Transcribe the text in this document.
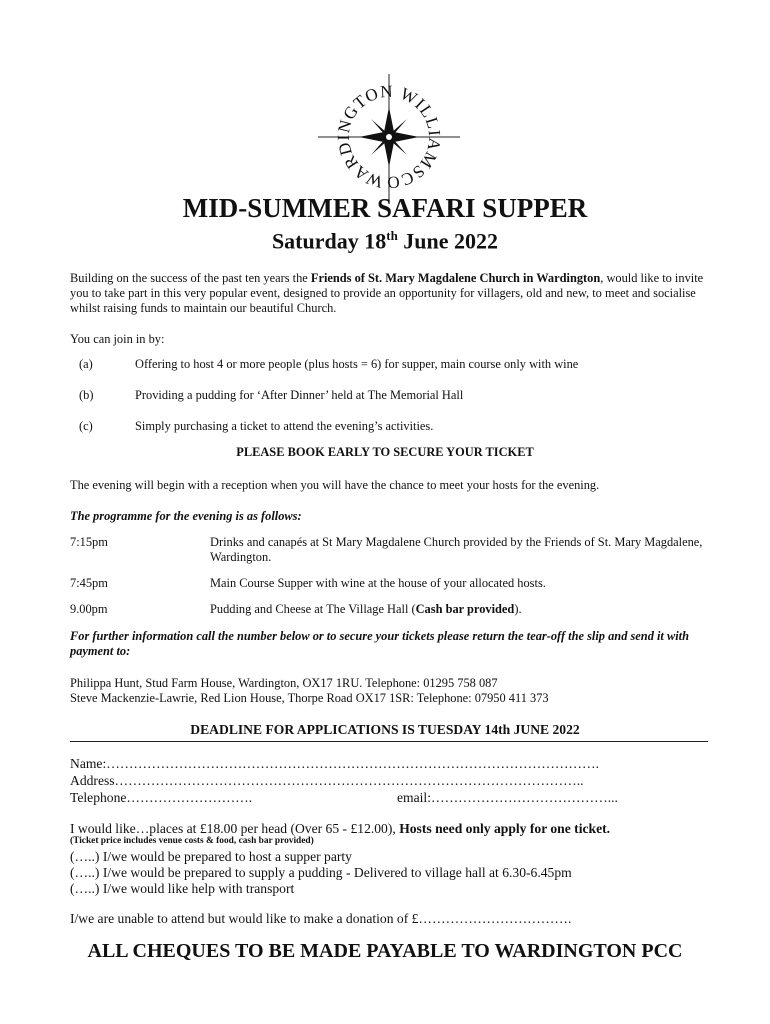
WARDINGTON WILLIAMSCO
MID-SUMMER SAFARI SUPPER
Saturday 18th June 2022
Building on the success of the past ten years the Friends of St. Mary Magdalene Church in Wardington, would like to invite you to take part in this very popular event, designed to provide an opportunity for villagers, old and new, to meet and socialise whilst raising funds to maintain our beautiful Church.
You can join in by:
(a)	Offering to host 4 or more people (plus hosts = 6) for supper, main course only with wine
(b)	Providing a pudding for ‘After Dinner’ held at The Memorial Hall
(c)	Simply purchasing a ticket to attend the evening’s activities.
PLEASE BOOK EARLY TO SECURE YOUR TICKET
The evening will begin with a reception when you will have the chance to meet your hosts for the evening.
The programme for the evening is as follows:
7:15pm	Drinks and canapés at St Mary Magdalene Church provided by the Friends of St. Mary Magdalene, Wardington.
7:45pm	Main Course Supper with wine at the house of your allocated hosts.
9.00pm	Pudding and Cheese at The Village Hall (Cash bar provided).
For further information call the number below or to secure your tickets please return the tear-off the slip and send it with payment to:
Philippa Hunt, Stud Farm House, Wardington, OX17 1RU. Telephone: 01295 758 087
Steve Mackenzie-Lawrie, Red Lion House, Thorpe Road OX17 1SR: Telephone: 07950 411 373
DEADLINE FOR APPLICATIONS IS TUESDAY 14th JUNE 2022
Name:……………………………………………………………………………………………….
Address…………………………………………………………………………………………..
Telephone……………………….	email:…………………………………...
I would like…places at £18.00 per head (Over 65 - £12.00), Hosts need only apply for one ticket.
(Ticket price includes venue costs & food, cash bar provided)
(…..) I/we would be prepared to host a supper party
(…..) I/we would be prepared to supply a pudding - Delivered to village hall at 6.30-6.45pm
(…..) I/we would like help with transport
I/we are unable to attend but would like to make a donation of £…………………………….
ALL CHEQUES TO BE MADE PAYABLE TO WARDINGTON PCC
